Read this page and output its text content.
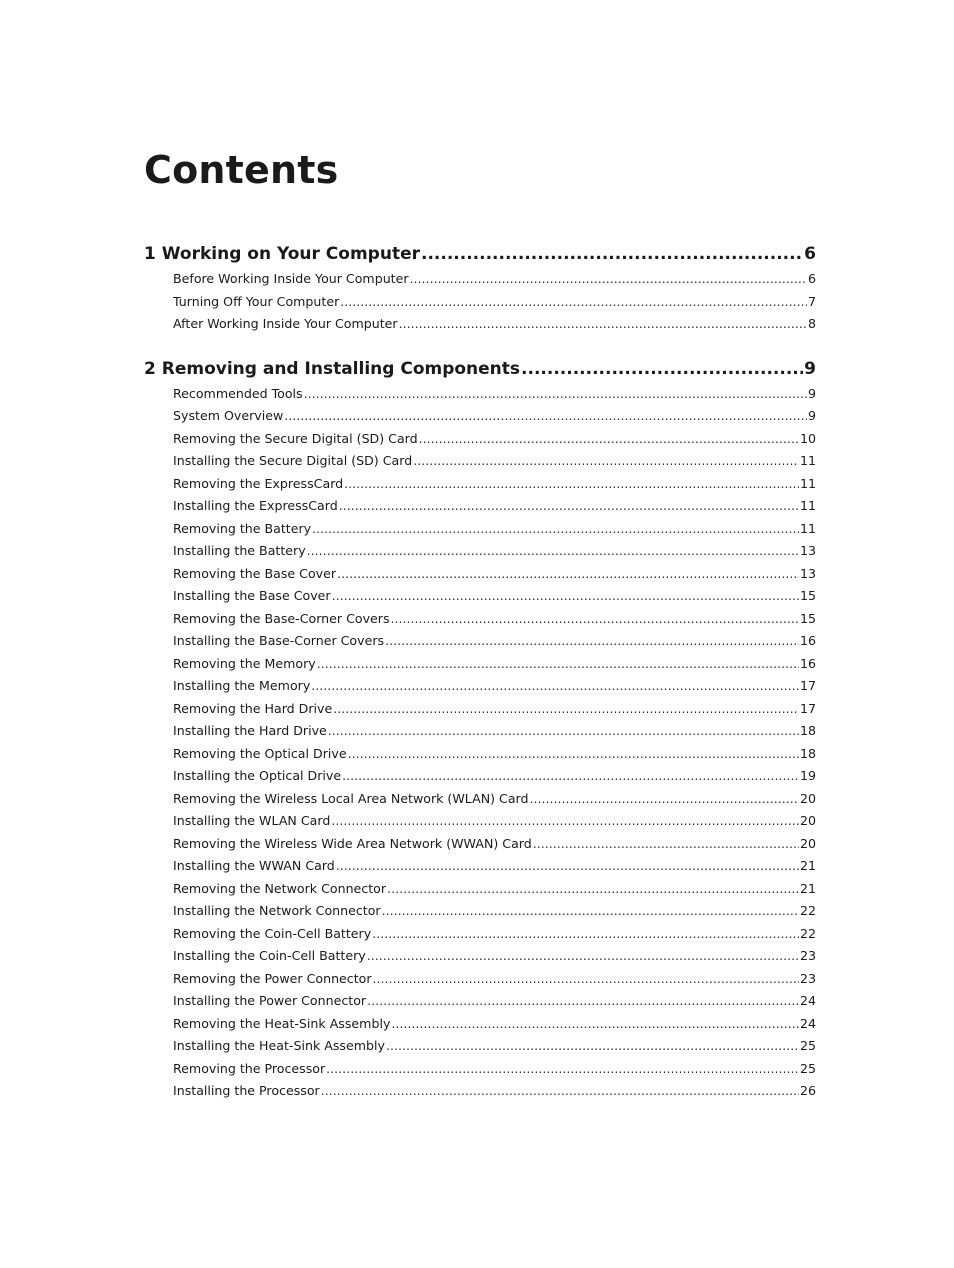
Contents
1 Working on Your Computer .....	6
Before Working Inside Your Computer .....	6
Turning Off Your Computer .....	7
After Working Inside Your Computer .....	8
2 Removing and Installing Components .....	9
Recommended Tools .....	9
System Overview .....	9
Removing the Secure Digital (SD) Card .....	10
Installing the Secure Digital (SD) Card .....	11
Removing the ExpressCard .....	11
Installing the ExpressCard .....	11
Removing the Battery .....	11
Installing the Battery .....	13
Removing the Base Cover .....	13
Installing the Base Cover .....	15
Removing the Base-Corner Covers .....	15
Installing the Base-Corner Covers .....	16
Removing the Memory .....	16
Installing the Memory .....	17
Removing the Hard Drive .....	17
Installing the Hard Drive .....	18
Removing the Optical Drive .....	18
Installing the Optical Drive .....	19
Removing the Wireless Local Area Network (WLAN) Card .....	20
Installing the WLAN Card .....	20
Removing the Wireless Wide Area Network (WWAN) Card .....	20
Installing the WWAN Card .....	21
Removing the Network Connector .....	21
Installing the Network Connector .....	22
Removing the Coin-Cell Battery .....	22
Installing the Coin-Cell Battery .....	23
Removing the Power Connector .....	23
Installing the Power Connector .....	24
Removing the Heat-Sink Assembly .....	24
Installing the Heat-Sink Assembly .....	25
Removing the Processor .....	25
Installing the Processor .....	26
